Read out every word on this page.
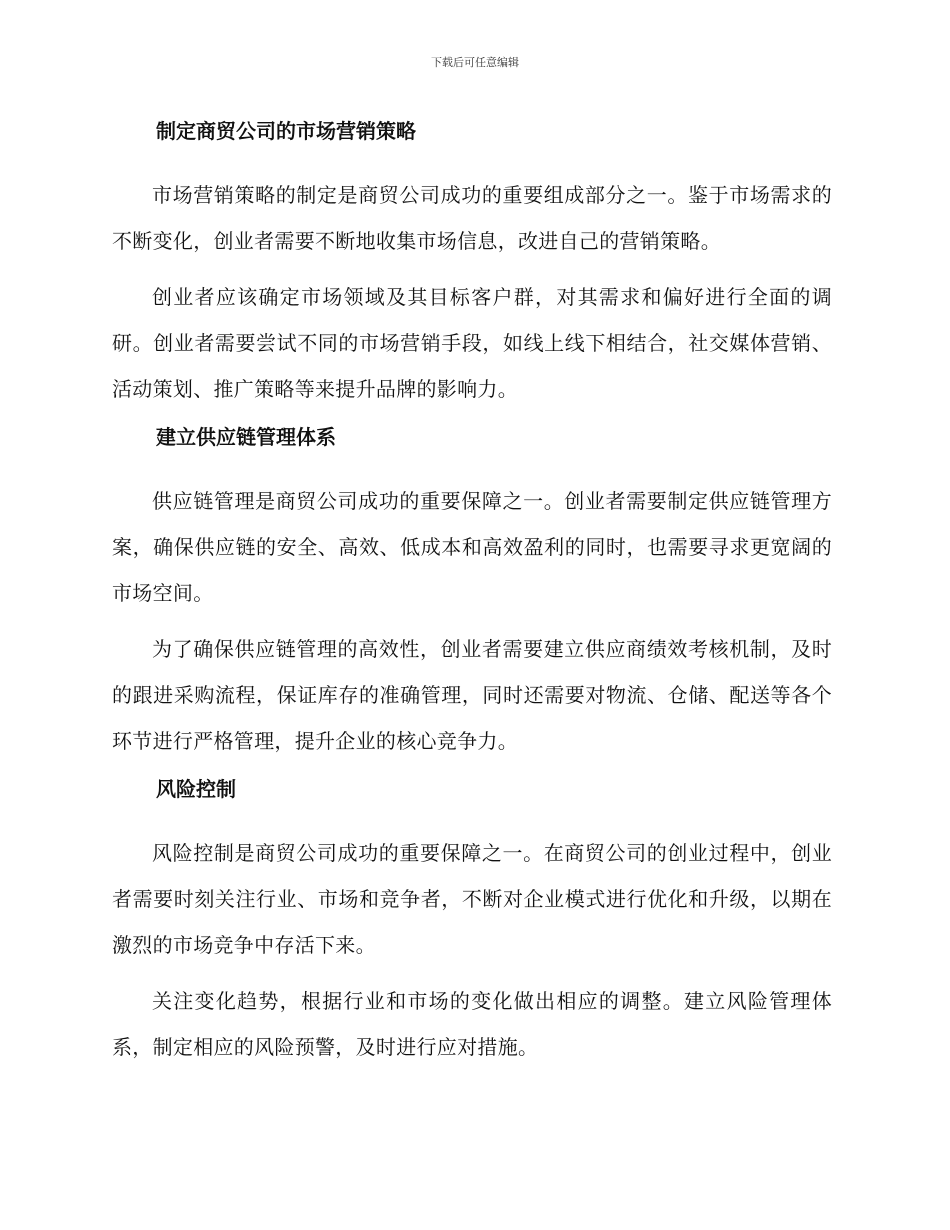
下载后可任意编辑
制定商贸公司的市场营销策略

市场营销策略的制定是商贸公司成功的重要组成部分之一。鉴于市场需求的不断变化，创业者需要不断地收集市场信息，改进自己的营销策略。

创业者应该确定市场领域及其目标客户群，对其需求和偏好进行全面的调研。创业者需要尝试不同的市场营销手段，如线上线下相结合，社交媒体营销、活动策划、推广策略等来提升品牌的影响力。

建立供应链管理体系

供应链管理是商贸公司成功的重要保障之一。创业者需要制定供应链管理方案，确保供应链的安全、高效、低成本和高效盈利的同时，也需要寻求更宽阔的市场空间。

为了确保供应链管理的高效性，创业者需要建立供应商绩效考核机制，及时的跟进采购流程，保证库存的准确管理，同时还需要对物流、仓储、配送等各个环节进行严格管理，提升企业的核心竞争力。

风险控制

风险控制是商贸公司成功的重要保障之一。在商贸公司的创业过程中，创业者需要时刻关注行业、市场和竞争者，不断对企业模式进行优化和升级，以期在激烈的市场竞争中存活下来。

关注变化趋势，根据行业和市场的变化做出相应的调整。建立风险管理体系，制定相应的风险预警，及时进行应对措施。
